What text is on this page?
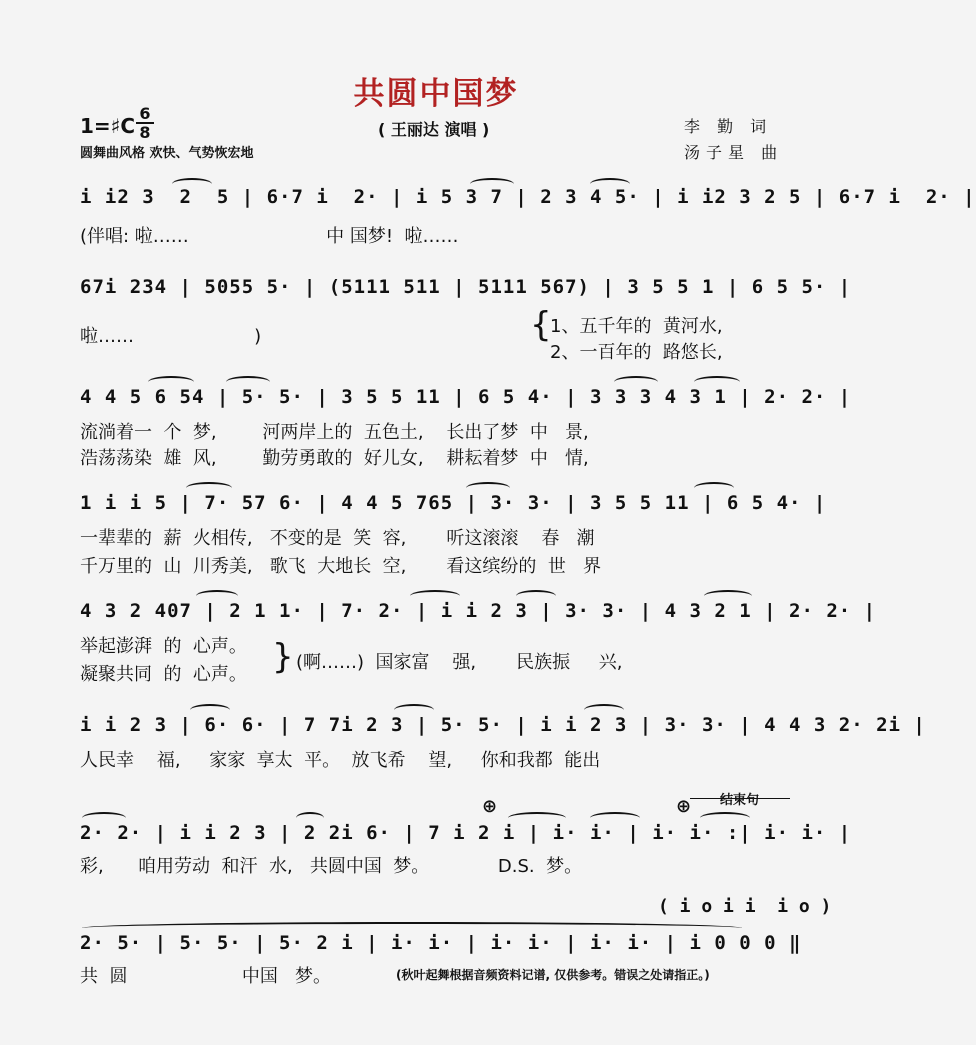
共圆中国梦
1=♯C
6
8	( 王丽达 演唱 )	李 勤 词
汤子星 曲
圆舞曲风格 欢快、气势恢宏地
i i2 3  2  5 | 6·7 i  2· | i 5 3 7 | 2 3 4 5· | i i2 3 2 5 | 6·7 i  2· |
(伴唱: 啦……                        中 国梦!  啦……
67i 234 | 5055 5· | (5111 511 | 5111 567) | 3 5 5 1 | 6 5 5· |
啦……                     )	{
1、五千年的  黄河水,
2、一百年的  路悠长,
4 4 5 6 54 | 5· 5· | 3 5 5 11 | 6 5 4· | 3 3 3 4 3 1 | 2· 2· |
流淌着一  个  梦,        河两岸上的  五色土,    长出了梦  中   景,
浩荡荡染  雄  风,        勤劳勇敢的  好儿女,    耕耘着梦  中   情,
1 i i 5 | 7· 57 6· | 4 4 5 765 | 3· 3· | 3 5 5 11 | 6 5 4· |
一辈辈的  薪  火相传,   不变的是  笑  容,       听这滚滚    春   潮
千万里的  山  川秀美,   歌飞  大地长  空,       看这缤纷的  世   界
4 3 2 407 | 2 1 1· | 7· 2· | i i 2 3 | 3· 3· | 4 3 2 1 | 2· 2· |
举起澎湃  的  心声。
凝聚共同  的  心声。 } (啊……)  国家富    强,       民族振     兴,
i i 2 3 | 6· 6· | 7 7i 2 3 | 5· 5· | i i 2 3 | 3· 3· | 4 4 3 2· 2i |
人民幸    福,     家家  享太  平。  放飞希    望,     你和我都  能出
2· 2· | i i 2 3 | 2 2i 6· | 7 i 2 i | i· i· | i· i· :| i· i· |
彩,      咱用劳动  和汗  水,   共圆中国  梦。            D.S.  梦。
⊕	⊕ 结束句
( i o i i  i o )
2· 5· | 5· 5· | 5· 2 i | i· i· | i· i· | i· i· | i 0 0 0 ‖
共  圆                    中国   梦。	(秋叶起舞根据音频资料记谱, 仅供参考。错误之处请指正。)
